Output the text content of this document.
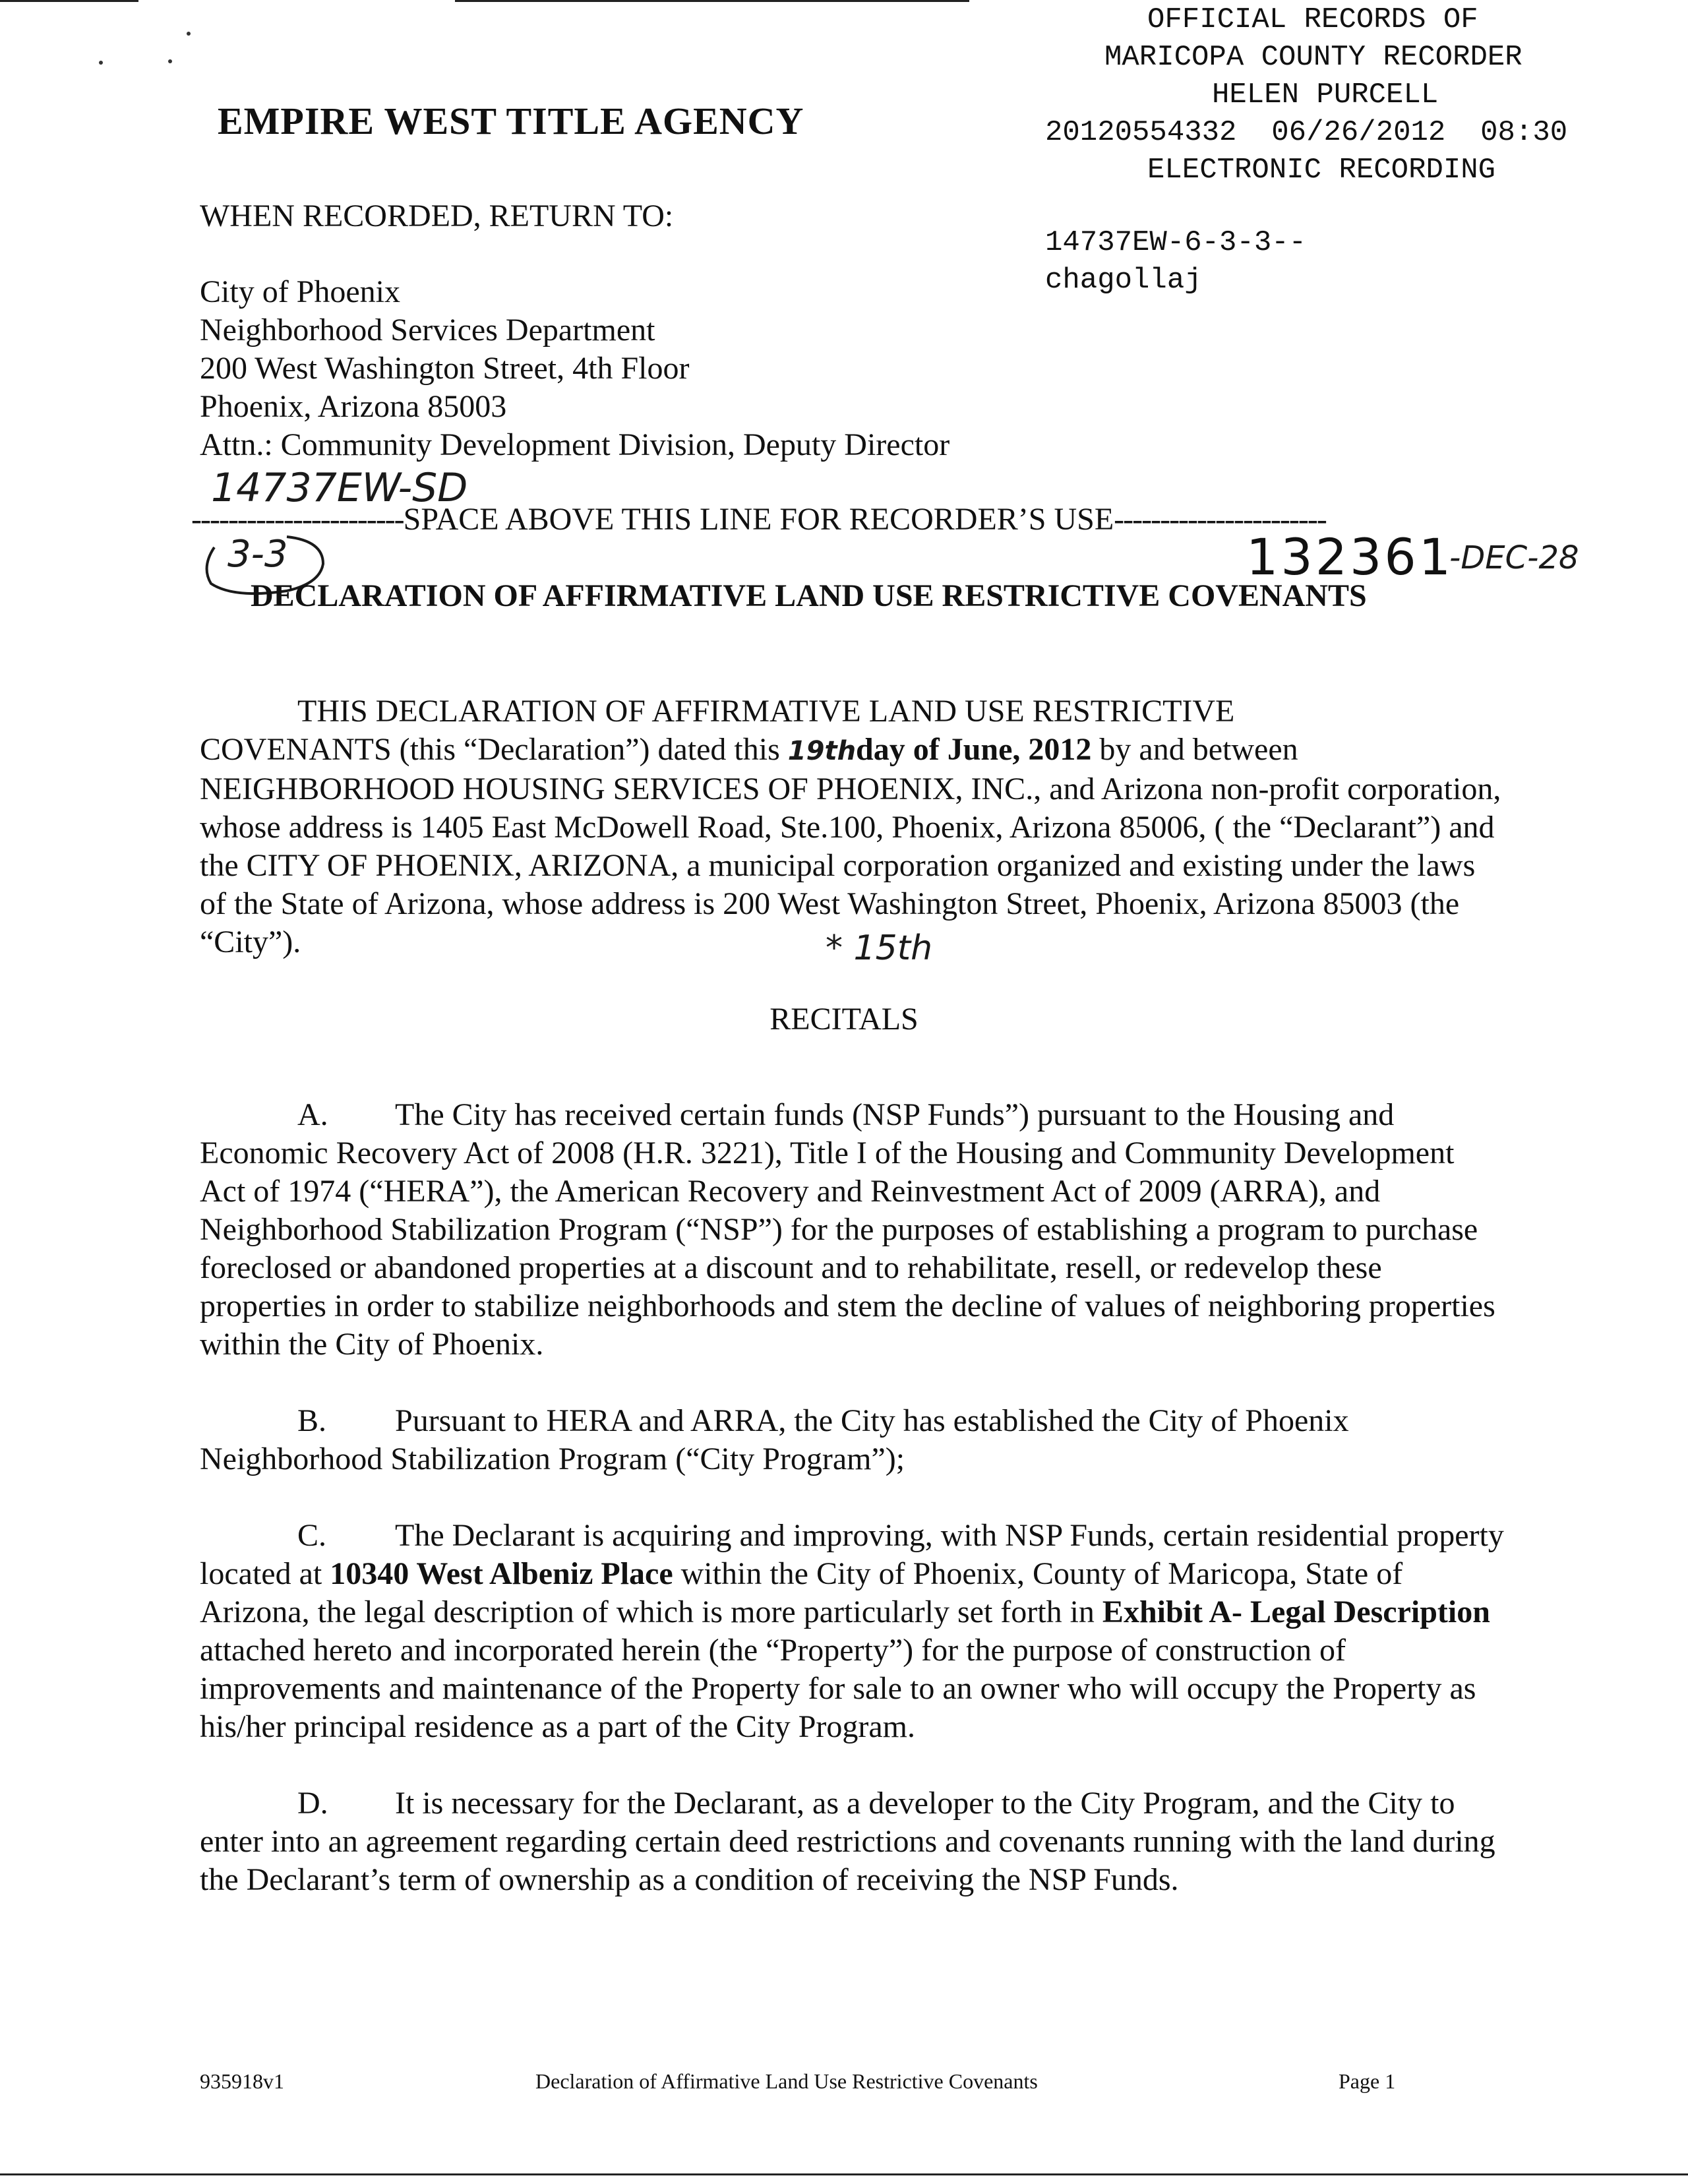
EMPIRE WEST TITLE AGENCY
OFFICIAL RECORDS OF
MARICOPA COUNTY RECORDER
HELEN PURCELL
20120554332  06/26/2012  08:30
ELECTRONIC RECORDING
14737EW-6-3-3--
chagollaj
WHEN RECORDED, RETURN TO:
City of Phoenix
Neighborhood Services Department
200 West Washington Street, 4th Floor
Phoenix, Arizona 85003
Attn.: Community Development Division, Deputy Director
14737EW-SD
-----------------------SPACE ABOVE THIS LINE FOR RECORDER’S USE-----------------------
3-3	132361
-DEC-28
DECLARATION OF AFFIRMATIVE LAND USE RESTRICTIVE COVENANTS
THIS DECLARATION OF AFFIRMATIVE LAND USE RESTRICTIVE
COVENANTS (this “Declaration”) dated this 19thday of June, 2012 by and between NEIGHBORHOOD HOUSING SERVICES OF PHOENIX, INC., and Arizona non-profit corporation, whose address is 1405 East McDowell Road, Ste.100, Phoenix, Arizona 85006, ( the “Declarant”) and the CITY OF PHOENIX, ARIZONA, a municipal corporation organized and existing under the laws of the State of Arizona, whose address is 200 West Washington Street, Phoenix, Arizona 85003 (the “City”).	* 15th
RECITALS
A. The City has received certain funds (NSP Funds”) pursuant to the Housing and Economic Recovery Act of 2008 (H.R. 3221), Title I of the Housing and Community Development Act of 1974 (“HERA”), the American Recovery and Reinvestment Act of 2009 (ARRA), and Neighborhood Stabilization Program (“NSP”) for the purposes of establishing a program to purchase foreclosed or abandoned properties at a discount and to rehabilitate, resell, or redevelop these properties in order to stabilize neighborhoods and stem the decline of values of neighboring properties within the City of Phoenix.
B. Pursuant to HERA and ARRA, the City has established the City of Phoenix Neighborhood Stabilization Program (“City Program”);
C. The Declarant is acquiring and improving, with NSP Funds, certain residential property located at 10340 West Albeniz Place within the City of Phoenix, County of Maricopa, State of Arizona, the legal description of which is more particularly set forth in Exhibit A- Legal Description attached hereto and incorporated herein (the “Property”) for the purpose of construction of improvements and maintenance of the Property for sale to an owner who will occupy the Property as his/her principal residence as a part of the City Program.
D. It is necessary for the Declarant, as a developer to the City Program, and the City to enter into an agreement regarding certain deed restrictions and covenants running with the land during the Declarant’s term of ownership as a condition of receiving the NSP Funds.
935918v1	Declaration of Affirmative Land Use Restrictive Covenants	Page 1
